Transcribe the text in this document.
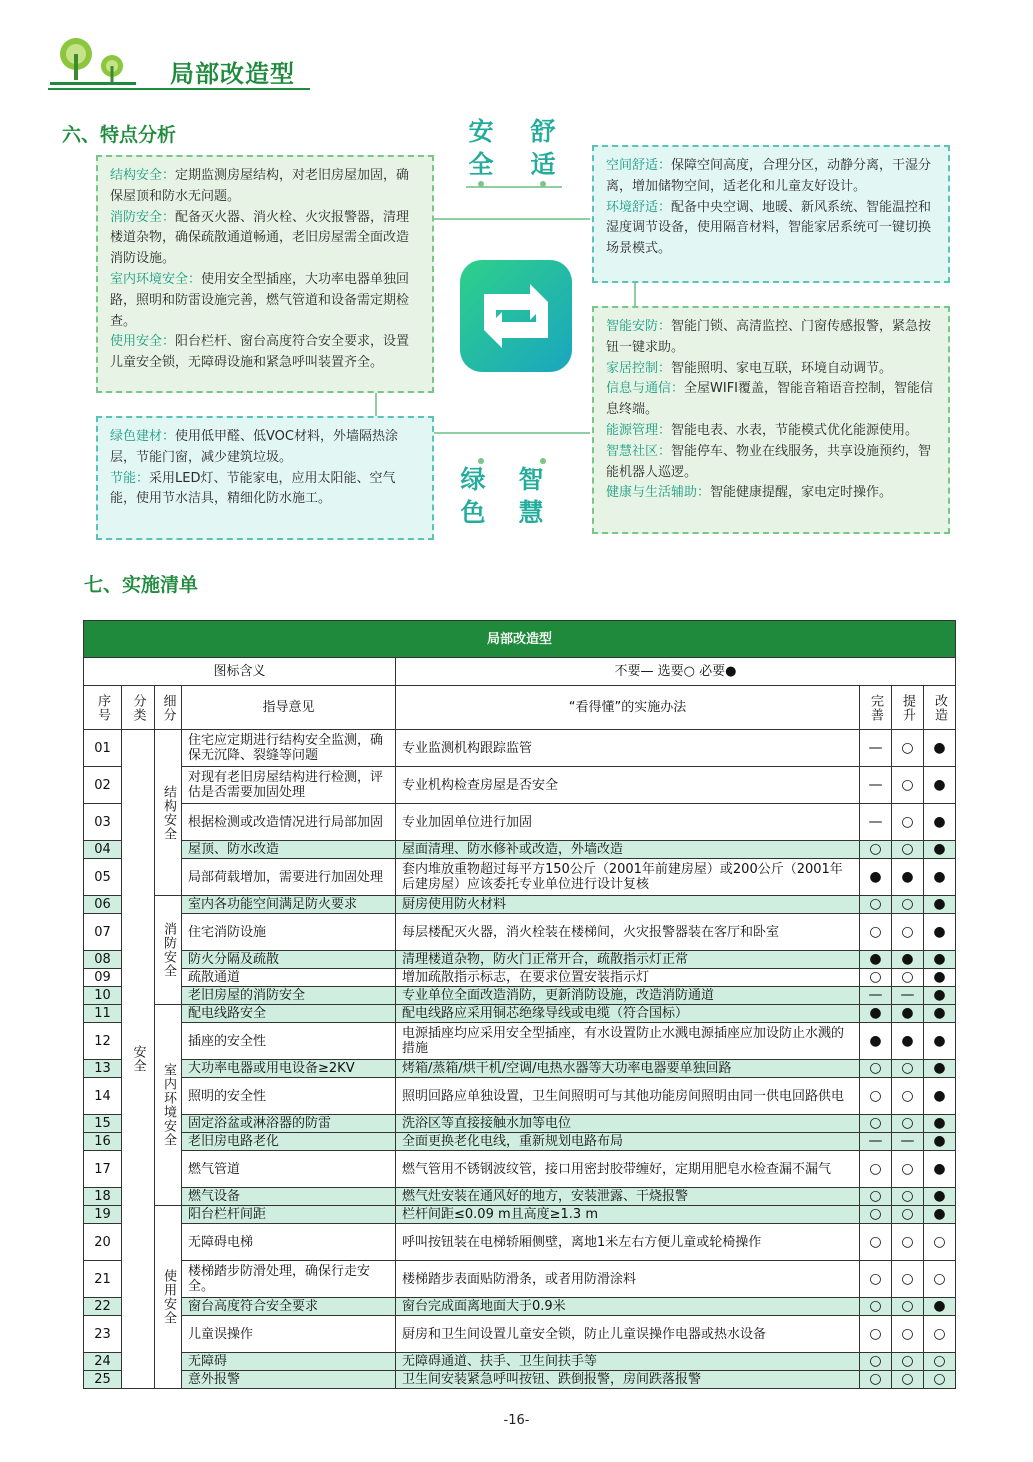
局部改造型
六、特点分析
结构安全：定期监测房屋结构，对老旧房屋加固，确保屋顶和防水无问题。
消防安全：配备灭火器、消火栓、火灾报警器，清理楼道杂物，确保疏散通道畅通，老旧房屋需全面改造消防设施。
室内环境安全：使用安全型插座，大功率电器单独回路，照明和防雷设施完善，燃气管道和设备需定期检查。
使用安全：阳台栏杆、窗台高度符合安全要求，设置儿童安全锁，无障碍设施和紧急呼叫装置齐全。
绿色建材：使用低甲醛、低VOC材料，外墙隔热涂层，节能门窗，减少建筑垃圾。
节能：采用LED灯、节能家电，应用太阳能、空气能，使用节水洁具，精细化防水施工。
空间舒适：保障空间高度，合理分区，动静分离，干湿分离，增加储物空间，适老化和儿童友好设计。
环境舒适：配备中央空调、地暖、新风系统、智能温控和湿度调节设备，使用隔音材料，智能家居系统可一键切换场景模式。
智能安防：智能门锁、高清监控、门窗传感报警，紧急按钮一键求助。
家居控制：智能照明、家电互联，环境自动调节。
信息与通信：全屋WIFI覆盖，智能音箱语音控制，智能信息终端。
能源管理：智能电表、水表，节能模式优化能源使用。
智慧社区：智能停车、物业在线服务，共享设施预约，智能机器人巡逻。
健康与生活辅助：智能健康提醒，家电定时操作。
安
全
舒
适
绿
色
智
慧
七、实施清单
局部改造型							
图标含义				不要— 选要○ 必要●			

序号	分类	细分	指导意见	“看得懂”的实施办法	完善	提升	改造

01	安全	结构安全	住宅应定期进行结构安全监测，确保无沉降、裂缝等问题	专业监测机构跟踪监管	—	○	●
02			对现有老旧房屋结构进行检测，评估是否需要加固处理	专业机构检查房屋是否安全	—	○	●
03			根据检测或改造情况进行局部加固	专业加固单位进行加固	—	○	●
04			屋顶、防水改造	屋面清理、防水修补或改造，外墙改造	○	○	●
05			局部荷载增加，需要进行加固处理	套内堆放重物超过每平方150公斤（2001年前建房屋）或200公斤（2001年后建房屋）应该委托专业单位进行设计复核	●	●	●
06		消防安全	室内各功能空间满足防火要求	厨房使用防火材料	○	○	●
07			住宅消防设施	每层楼配灭火器，消火栓装在楼梯间，火灾报警器装在客厅和卧室	○	○	●
08			防火分隔及疏散	清理楼道杂物，防火门正常开合，疏散指示灯正常	●	●	●
09			疏散通道	增加疏散指示标志，在要求位置安装指示灯	○	○	●
10			老旧房屋的消防安全	专业单位全面改造消防，更新消防设施，改造消防通道	—	—	●
11		室内环境安全	配电线路安全	配电线路应采用铜芯绝缘导线或电缆（符合国标）	●	●	●
12			插座的安全性	电源插座均应采用安全型插座，有水设置防止水溅电源插座应加设防止水溅的措施	●	●	●
13			大功率电器或用电设备≥2KV	烤箱/蒸箱/烘干机/空调/电热水器等大功率电器要单独回路	○	○	●
14			照明的安全性	照明回路应单独设置，卫生间照明可与其他功能房间照明由同一供电回路供电	○	○	●
15			固定浴盆或淋浴器的防雷	洗浴区等直接接触水加等电位	○	○	●
16			老旧房电路老化	全面更换老化电线，重新规划电路布局	—	—	●
17			燃气管道	燃气管用不锈钢波纹管，接口用密封胶带缠好，定期用肥皂水检查漏不漏气	○	○	●
18			燃气设备	燃气灶安装在通风好的地方，安装泄露、干烧报警	○	○	●
19		使用安全	阳台栏杆间距	栏杆间距≤0.09 m且高度≥1.3 m	○	○	●
20			无障碍电梯	呼叫按钮装在电梯轿厢侧壁，离地1米左右方便儿童或轮椅操作	○	○	○
21			楼梯踏步防滑处理，确保行走安全。	楼梯踏步表面贴防滑条，或者用防滑涂料	○	○	○
22			窗台高度符合安全要求	窗台完成面离地面大于0.9米	○	○	●
23			儿童误操作	厨房和卫生间设置儿童安全锁，防止儿童误操作电器或热水设备	○	○	○
24			无障碍	无障碍通道、扶手、卫生间扶手等	○	○	○
25			意外报警	卫生间安装紧急呼叫按钮、跌倒报警，房间跌落报警	○	○	○
-16-
